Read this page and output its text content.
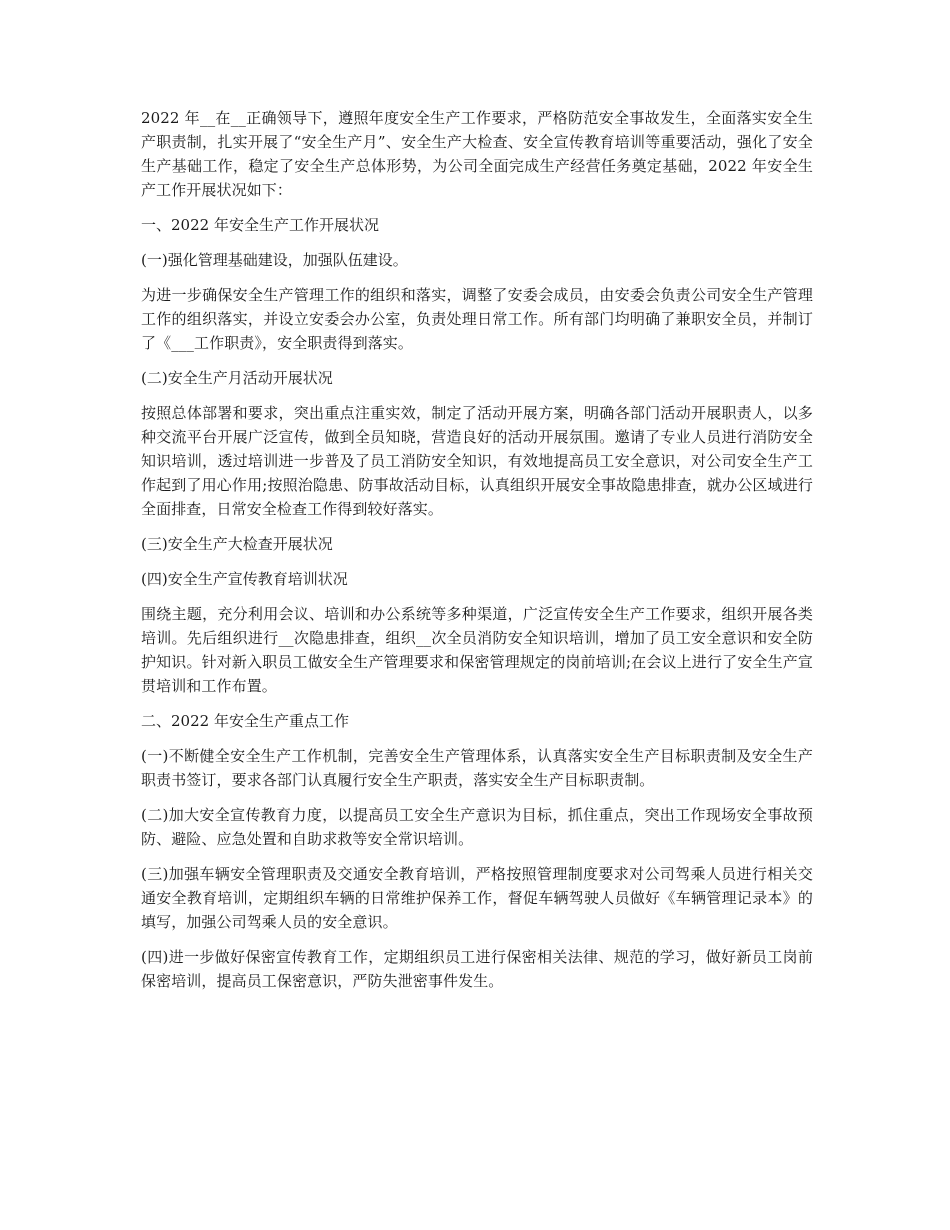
2022 年__在__正确领导下，遵照年度安全生产工作要求，严格防范安全事故发生，全面落实安全生产职责制，扎实开展了“安全生产月”、安全生产大检查、安全宣传教育培训等重要活动，强化了安全生产基础工作，稳定了安全生产总体形势，为公司全面完成生产经营任务奠定基础，2022 年安全生产工作开展状况如下：

一、2022 年安全生产工作开展状况

(一)强化管理基础建设，加强队伍建设。

为进一步确保安全生产管理工作的组织和落实，调整了安委会成员，由安委会负责公司安全生产管理工作的组织落实，并设立安委会办公室，负责处理日常工作。所有部门均明确了兼职安全员，并制订了《___工作职责》，安全职责得到落实。

(二)安全生产月活动开展状况

按照总体部署和要求，突出重点注重实效，制定了活动开展方案，明确各部门活动开展职责人，以多种交流平台开展广泛宣传，做到全员知晓，营造良好的活动开展氛围。邀请了专业人员进行消防安全知识培训，透过培训进一步普及了员工消防安全知识，有效地提高员工安全意识，对公司安全生产工作起到了用心作用;按照治隐患、防事故活动目标，认真组织开展安全事故隐患排查，就办公区域进行全面排查，日常安全检查工作得到较好落实。

(三)安全生产大检查开展状况

(四)安全生产宣传教育培训状况

围绕主题，充分利用会议、培训和办公系统等多种渠道，广泛宣传安全生产工作要求，组织开展各类培训。先后组织进行__次隐患排查，组织__次全员消防安全知识培训，增加了员工安全意识和安全防护知识。针对新入职员工做安全生产管理要求和保密管理规定的岗前培训;在会议上进行了安全生产宣贯培训和工作布置。

二、2022 年安全生产重点工作

(一)不断健全安全生产工作机制，完善安全生产管理体系，认真落实安全生产目标职责制及安全生产职责书签订，要求各部门认真履行安全生产职责，落实安全生产目标职责制。

(二)加大安全宣传教育力度，以提高员工安全生产意识为目标，抓住重点，突出工作现场安全事故预防、避险、应急处置和自助求救等安全常识培训。

(三)加强车辆安全管理职责及交通安全教育培训，严格按照管理制度要求对公司驾乘人员进行相关交通安全教育培训，定期组织车辆的日常维护保养工作，督促车辆驾驶人员做好《车辆管理记录本》的填写，加强公司驾乘人员的安全意识。

(四)进一步做好保密宣传教育工作，定期组织员工进行保密相关法律、规范的学习，做好新员工岗前保密培训，提高员工保密意识，严防失泄密事件发生。
